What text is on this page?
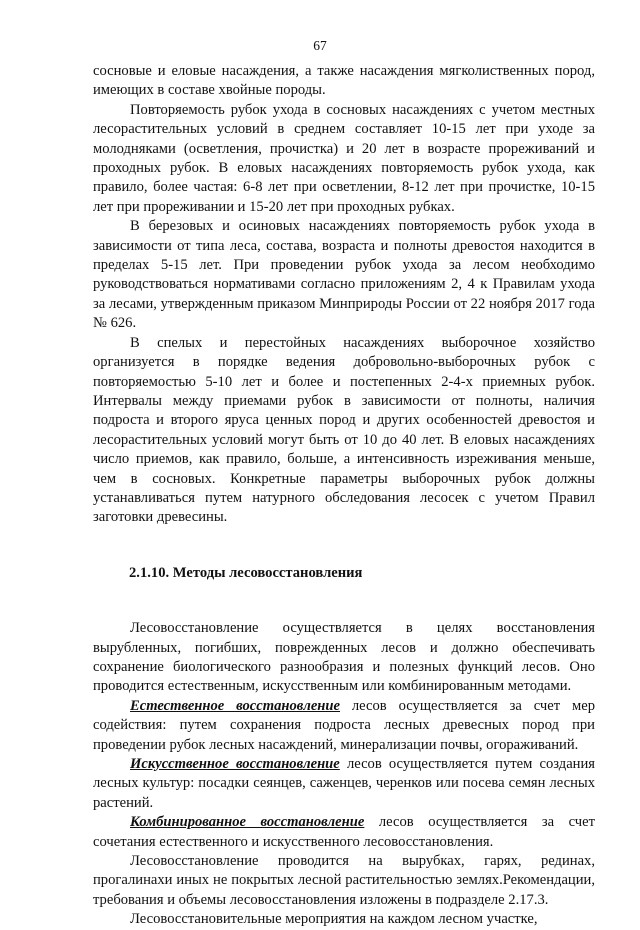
67

сосновые и еловые насаждения, а также насаждения мягколиственных пород, имеющих в составе хвойные породы.

Повторяемость рубок ухода в сосновых насаждениях с учетом местных лесорастительных условий в среднем составляет 10-15 лет при уходе за молодняками (осветления, прочистка) и 20 лет в возрасте прореживаний и проходных рубок. В еловых насаждениях повторяемость рубок ухода, как правило, более частая: 6-8 лет при осветлении, 8-12 лет при прочистке, 10-15 лет при прореживании и 15-20 лет при проходных рубках.

В березовых и осиновых насаждениях повторяемость рубок ухода в зависимости от типа леса, состава, возраста и полноты древостоя находится в пределах 5-15 лет. При проведении рубок ухода за лесом необходимо руководствоваться нормативами согласно приложениям 2, 4 к Правилам ухода за лесами, утвержденным приказом Минприроды России от 22 ноября 2017 года № 626.

В спелых и перестойных насаждениях выборочное хозяйство организуется в порядке ведения добровольно-выборочных рубок с повторяемостью 5-10 лет и более и постепенных 2-4-х приемных рубок. Интервалы между приемами рубок в зависимости от полноты, наличия подроста и второго яруса ценных пород и других особенностей древостоя и лесорастительных условий могут быть от 10 до 40 лет. В еловых насаждениях число приемов, как правило, больше, а интенсивность изреживания меньше, чем в сосновых. Конкретные параметры выборочных рубок должны устанавливаться путем натурного обследования лесосек с учетом Правил заготовки древесины.

2.1.10. Методы лесовосстановления

Лесовосстановление осуществляется в целях восстановления вырубленных, погибших, поврежденных лесов и должно обеспечивать сохранение биологического разнообразия и полезных функций лесов. Оно проводится естественным, искусственным или комбинированным методами.

Естественное восстановление лесов осуществляется за счет мер содействия: путем сохранения подроста лесных древесных пород при проведении рубок лесных насаждений, минерализации почвы, огораживаний.

Искусственное восстановление лесов осуществляется путем создания лесных культур: посадки сеянцев, саженцев, черенков или посева семян лесных растений.

Комбинированное восстановление лесов осуществляется за счет сочетания естественного и искусственного лесовосстановления.

Лесовосстановление проводится на вырубках, гарях, рединах, прогалинахи иных не покрытых лесной растительностью землях.Рекомендации, требования и объемы лесовосстановления изложены в подразделе 2.17.3.

Лесовосстановительные мероприятия на каждом лесном участке,
